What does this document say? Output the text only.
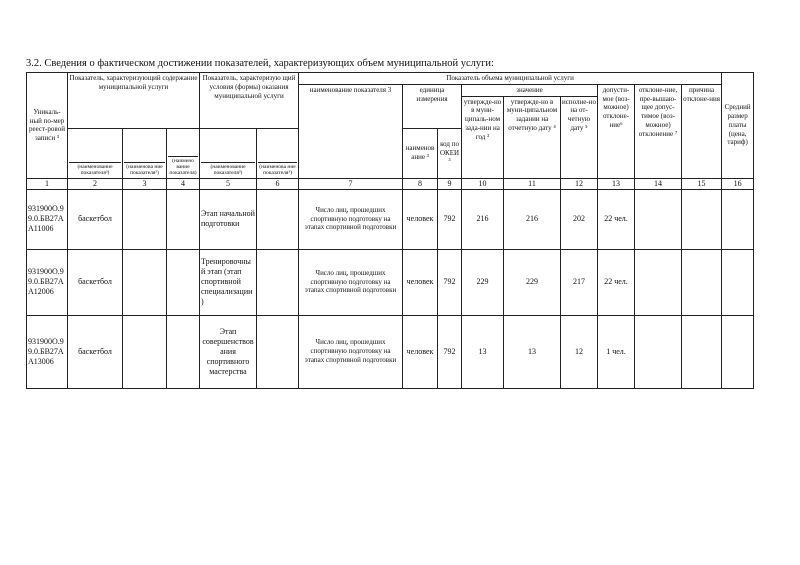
3.2. Сведения о фактическом достижении показателей, характеризующих объем муниципальной услуги:
Уникаль-ный по-мер реест-ровой записи ³	Показатель, характеризующий содержание муниципальной услуги			Показатель, характеризую щий условия (формы) оказания муниципальной услуги		Показатель объема муниципальной услуги									Средний размер платы (цена, тариф)
						наименование показателя 3	единица измерения		значение			допусти-мое (воз-можное) отклоне-ние⁶	отклоне-ние, пре-вышаю-щее допус-тимое (воз-можное) отклонение ⁷	причина отклоне-ния	
									утвержде-но в муни-ципаль-ном зада-нии на год ³	утвержде-но в муни-ципальном задании на отчетную дату ⁴	исполне-но на от-четную дату ⁵				
	(наименование показателя³)	(наименова ние показателя³)	(наимено вание показателя)	(наименование показателя³)	(наименова ние показателя³)		наименов ание ³	код по ОКЕИ ³							
1	2	3	4	5	6	7	8	9	10	11	12	13	14	15	16
931900О.99.0.БВ27АА11006	баскетбол			Этап начальной подготовки		Число лиц, прошедших спортивную подготовку на этапах спортивной подготовки	человек	792	216	216	202	22 чел.			
931900О.99.0.БВ27АА12006	баскетбол			Тренировочный этап (этап спортивной специализации)		Число лиц, прошедших спортивную подготовку на этапах спортивной подготовки	человек	792	229	229	217	22 чел.			
931900О.99.0.БВ27АА13006	баскетбол			Этап совершенствования спортивного мастерства		Число лиц, прошедших спортивную подготовку на этапах спортивной подготовки	человек	792	13	13	12	1 чел.			
